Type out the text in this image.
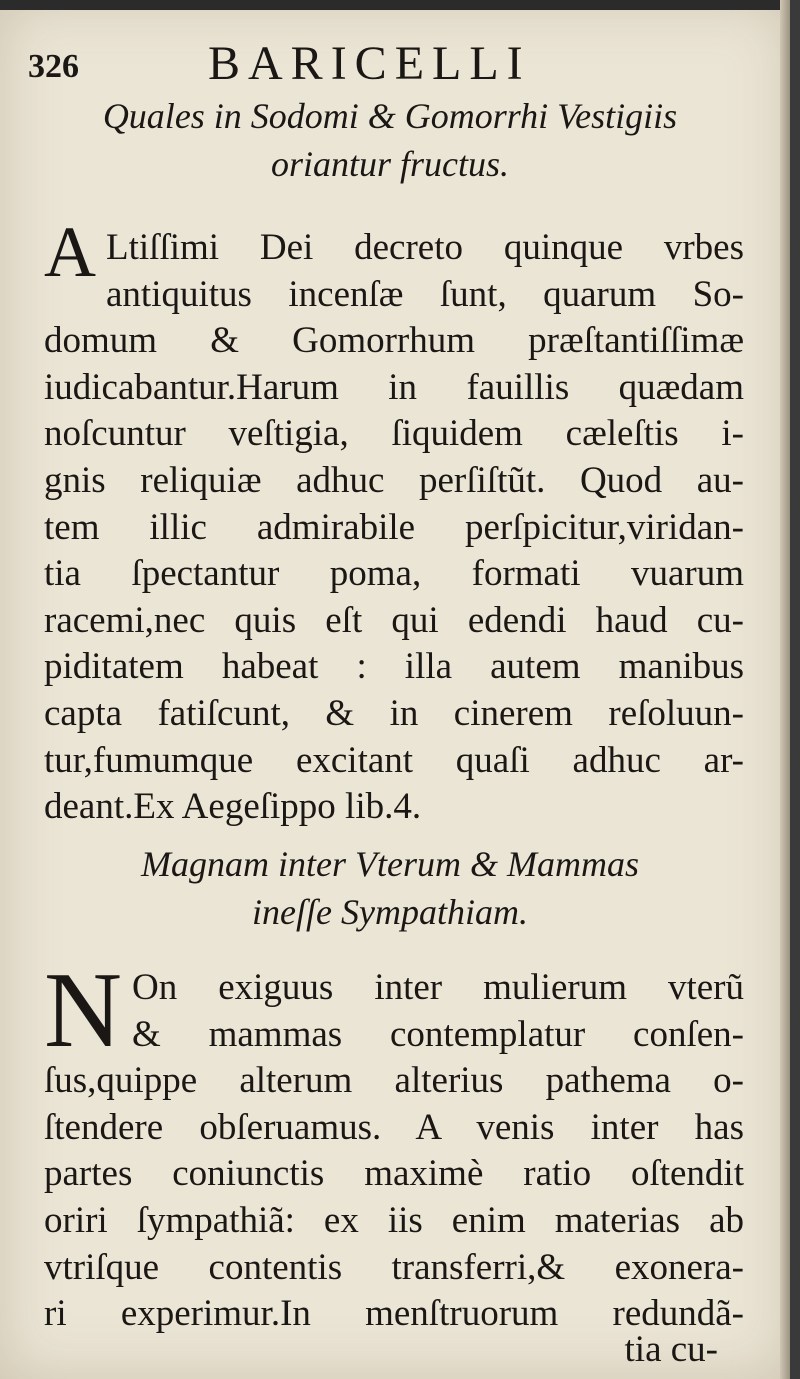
326	BARICELLI
Quales in Sodomi & Gomorrhi Vestigiis
oriantur fructus.
A Ltiſſimi Dei decreto quinque vrbes
antiquitus incenſæ ſunt, quarum So-
domum & Gomorrhum præſtantiſſimæ
iudicabantur.Harum in fauillis quædam
noſcuntur veſtigia, ſiquidem cæleſtis i-
gnis reliquiæ adhuc perſiſtũt. Quod au-
tem illic admirabile perſpicitur,viridan-
tia ſpectantur poma, formati vuarum
racemi,nec quis eſt qui edendi haud cu-
piditatem habeat : illa autem manibus
capta fatiſcunt, & in cinerem reſoluun-
tur,fumumque excitant quaſi adhuc ar-
deant.Ex Aegeſippo lib.4.
Magnam inter Vterum & Mammas
ineſſe Sympathiam.
N On exiguus inter mulierum vterũ
& mammas contemplatur conſen-
ſus,quippe alterum alterius pathema o-
ſtendere obſeruamus. A venis inter has
partes coniunctis maximè ratio oſtendit
oriri ſympathiã: ex iis enim materias ab
vtriſque contentis transferri,& exonera-
ri experimur.In menſtruorum redundã-
tia cu-
